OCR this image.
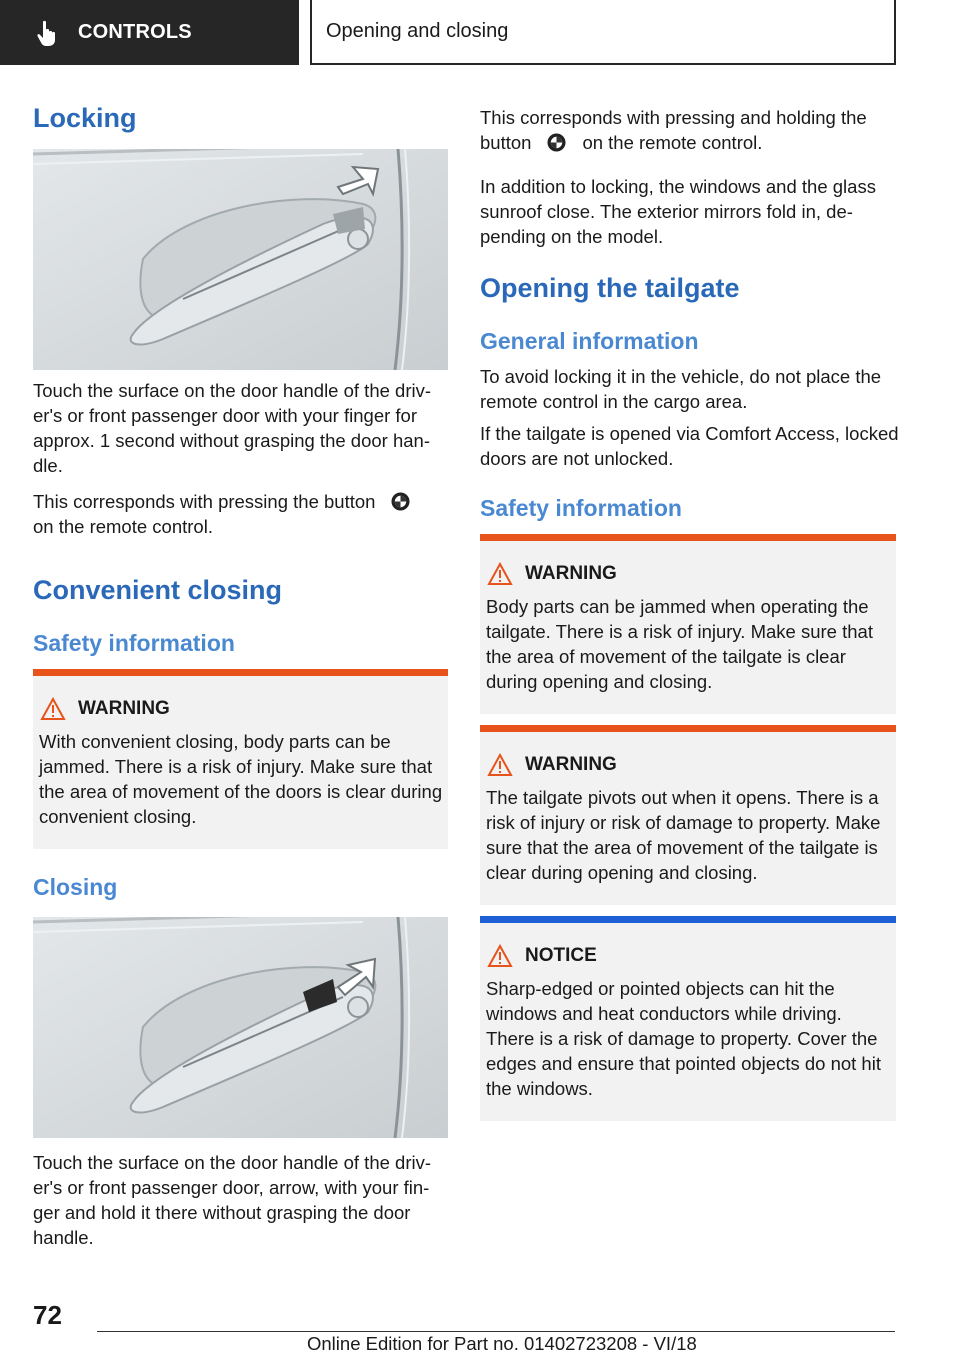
CONTROLS	Opening and closing
Locking
Touch the surface on the door handle of the driv-er's or front passenger door with your finger for approx. 1 second without grasping the door han-dle.
This corresponds with pressing the button
on the remote control.
Convenient closing
Safety information
WARNING
With convenient closing, body parts can be jammed. There is a risk of injury. Make sure that the area of movement of the doors is clear during convenient closing.
Closing
Touch the surface on the door handle of the driv-er's or front passenger door, arrow, with your fin-ger and hold it there without grasping the door handle.
This corresponds with pressing and holding the button	on the remote control.
In addition to locking, the windows and the glass sunroof close. The exterior mirrors fold in, de-pending on the model.
Opening the tailgate
General information
To avoid locking it in the vehicle, do not place the remote control in the cargo area.
If the tailgate is opened via Comfort Access, locked doors are not unlocked.
Safety information
WARNING
Body parts can be jammed when operating the tailgate. There is a risk of injury. Make sure that the area of movement of the tailgate is clear during opening and closing.
WARNING
The tailgate pivots out when it opens. There is a risk of injury or risk of damage to property. Make sure that the area of movement of the tailgate is clear during opening and closing.
NOTICE
Sharp-edged or pointed objects can hit the windows and heat conductors while driving. There is a risk of damage to property. Cover the edges and ensure that pointed objects do not hit the windows.
72
Online Edition for Part no. 01402723208 - VI/18
